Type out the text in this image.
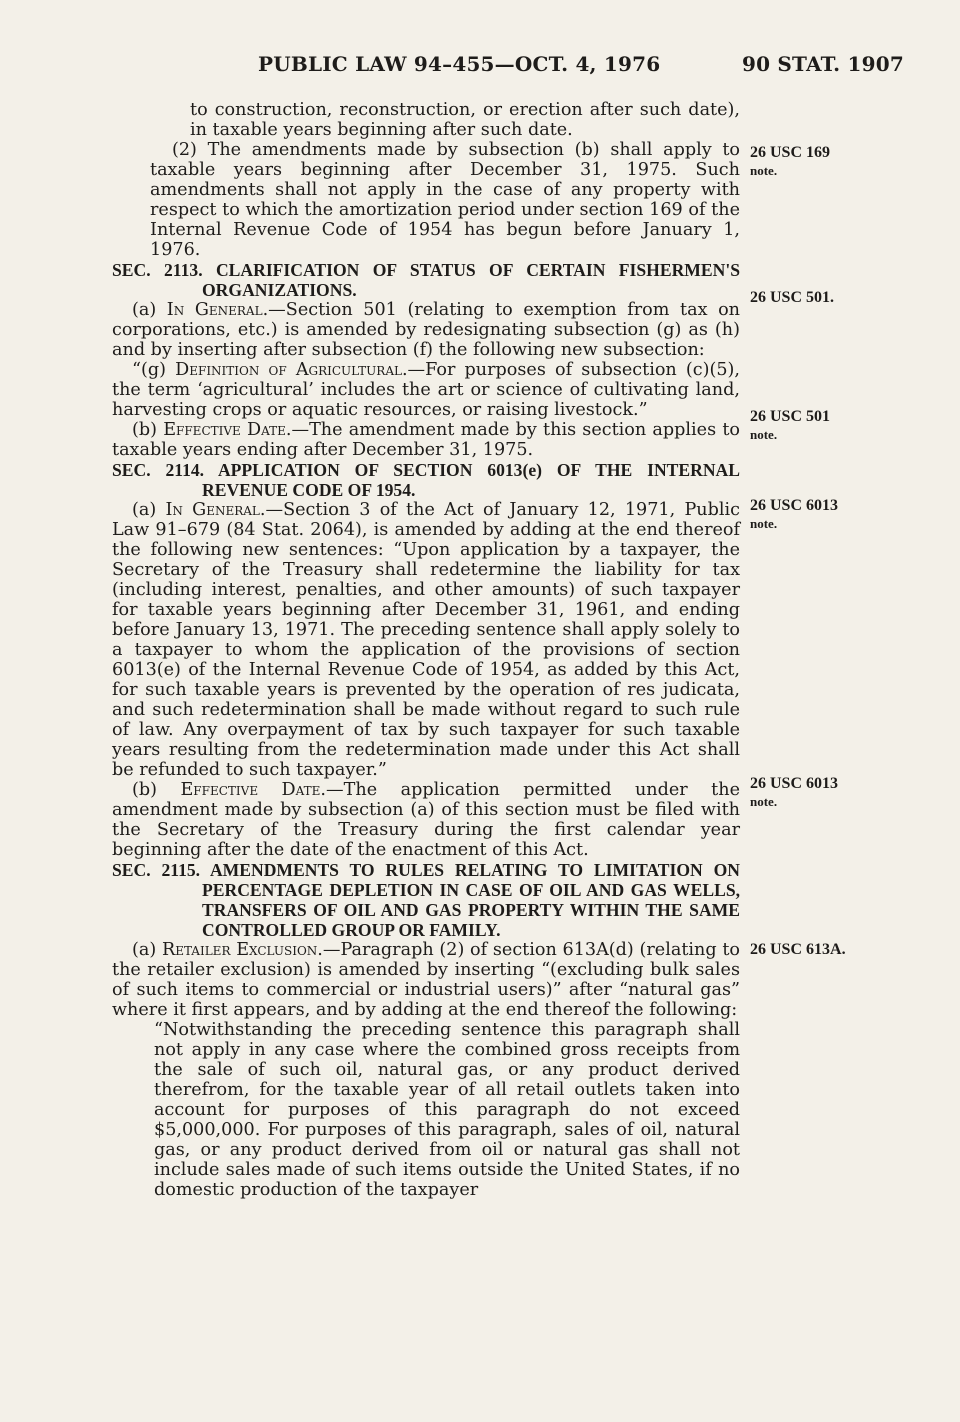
PUBLIC LAW 94–455—OCT. 4, 1976	90 STAT. 1907

to construction, reconstruction, or erection after such date), in taxable years beginning after such date.

(2) The amendments made by subsection (b) shall apply to taxable years beginning after December 31, 1975. Such amendments shall not apply in the case of any property with respect to which the amortization period under section 169 of the Internal Revenue Code of 1954 has begun before January 1, 1976.

SEC. 2113. CLARIFICATION OF STATUS OF CERTAIN FISHERMEN'S ORGANIZATIONS.

(a) In General.—Section 501 (relating to exemption from tax on corporations, etc.) is amended by redesignating subsection (g) as (h) and by inserting after subsection (f) the following new subsection:

“(g) Definition of Agricultural.—For purposes of subsection (c)(5), the term ‘agricultural’ includes the art or science of cultivating land, harvesting crops or aquatic resources, or raising livestock.”

(b) Effective Date.—The amendment made by this section applies to taxable years ending after December 31, 1975.

SEC. 2114. APPLICATION OF SECTION 6013(e) OF THE INTERNAL REVENUE CODE OF 1954.

(a) In General.—Section 3 of the Act of January 12, 1971, Public Law 91–679 (84 Stat. 2064), is amended by adding at the end thereof the following new sentences: “Upon application by a taxpayer, the Secretary of the Treasury shall redetermine the liability for tax (including interest, penalties, and other amounts) of such taxpayer for taxable years beginning after December 31, 1961, and ending before January 13, 1971. The preceding sentence shall apply solely to a taxpayer to whom the application of the provisions of section 6013(e) of the Internal Revenue Code of 1954, as added by this Act, for such taxable years is prevented by the operation of res judicata, and such redetermination shall be made without regard to such rule of law. Any overpayment of tax by such taxpayer for such taxable years resulting from the redetermination made under this Act shall be refunded to such taxpayer.”

(b) Effective Date.—The application permitted under the amendment made by subsection (a) of this section must be filed with the Secretary of the Treasury during the first calendar year beginning after the date of the enactment of this Act.

SEC. 2115. AMENDMENTS TO RULES RELATING TO LIMITATION ON PERCENTAGE DEPLETION IN CASE OF OIL AND GAS WELLS, TRANSFERS OF OIL AND GAS PROPERTY WITHIN THE SAME CONTROLLED GROUP OR FAMILY.

(a) Retailer Exclusion.—Paragraph (2) of section 613A(d) (relating to the retailer exclusion) is amended by inserting “(excluding bulk sales of such items to commercial or industrial users)” after “natural gas” where it first appears, and by adding at the end thereof the following:

“Notwithstanding the preceding sentence this paragraph shall not apply in any case where the combined gross receipts from the sale of such oil, natural gas, or any product derived therefrom, for the taxable year of all retail outlets taken into account for purposes of this paragraph do not exceed $5,000,000. For purposes of this paragraph, sales of oil, natural gas, or any product derived from oil or natural gas shall not include sales made of such items outside the United States, if no domestic production of the taxpayer

26 USC 169
note.
26 USC 501.
26 USC 501
note.
26 USC 6013
note.
26 USC 6013
note.
26 USC 613A.
